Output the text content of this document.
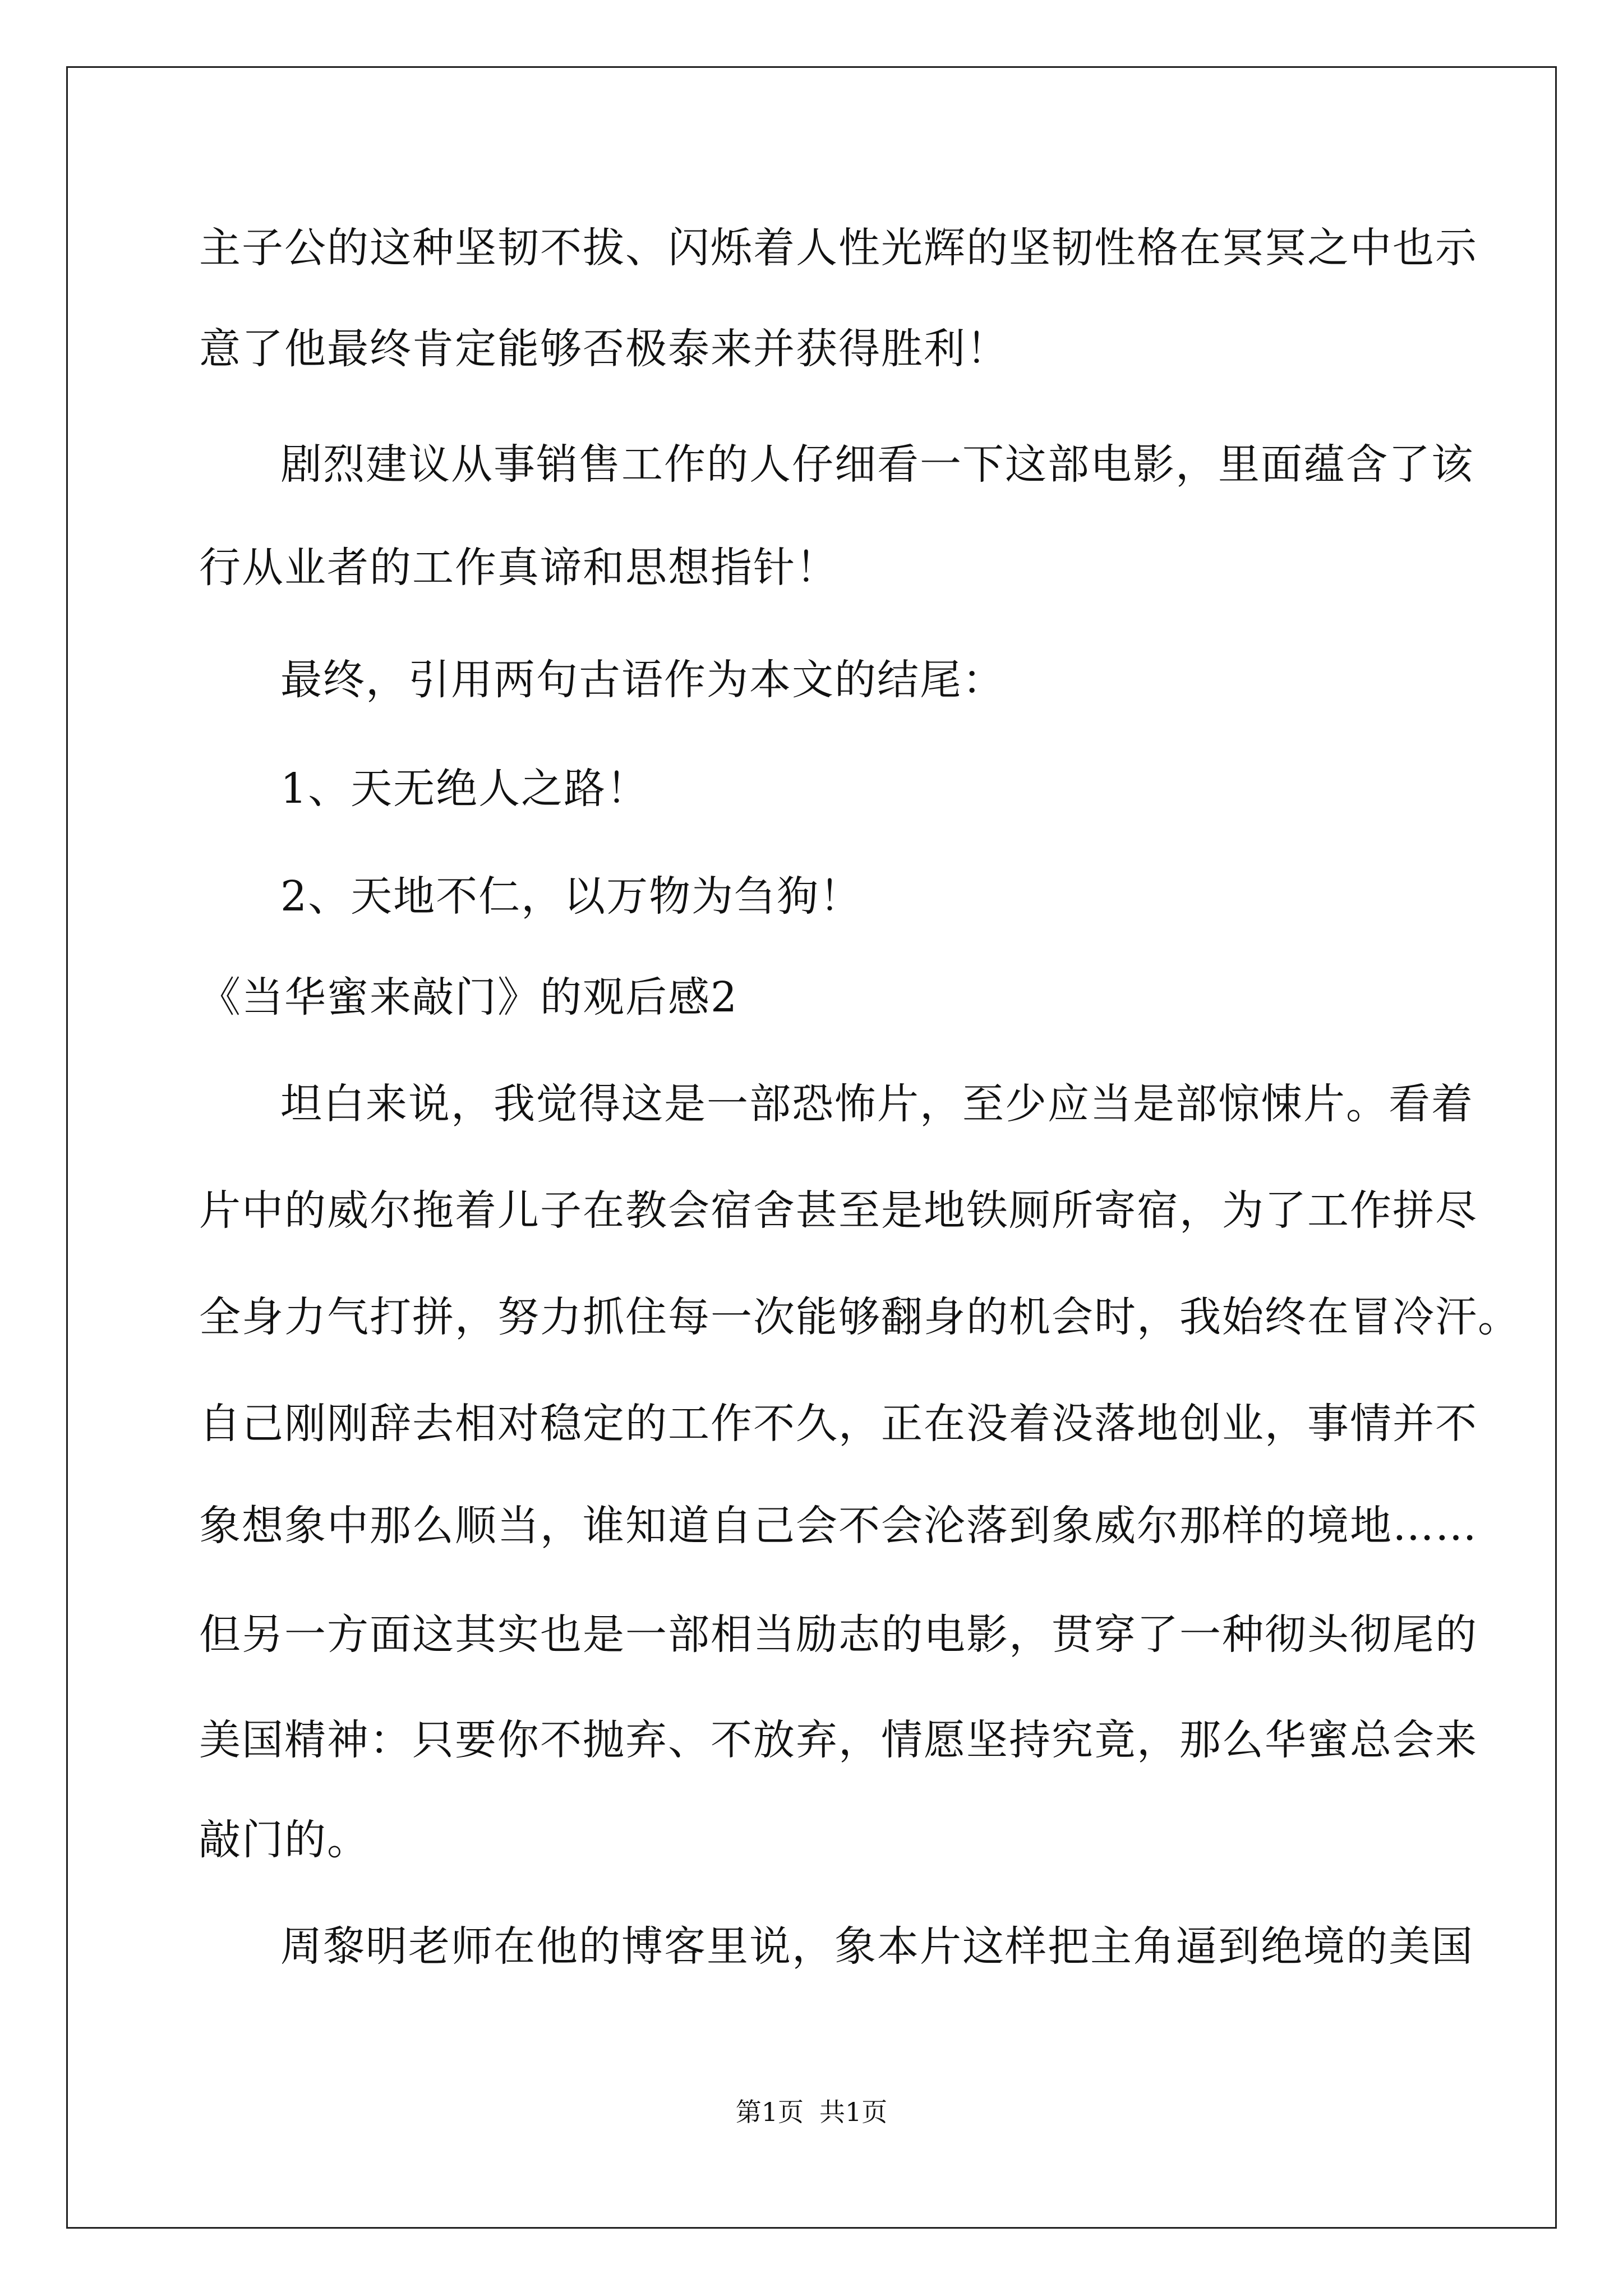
主子公的这种坚韧不拔、闪烁着人性光辉的坚韧性格在冥冥之中也示
意了他最终肯定能够否极泰来并获得胜利！
剧烈建议从事销售工作的人仔细看一下这部电影，里面蕴含了该
行从业者的工作真谛和思想指针！
最终，引用两句古语作为本文的结尾：
1、天无绝人之路！
2、天地不仁，以万物为刍狗！
《当华蜜来敲门》的观后感2
坦白来说，我觉得这是一部恐怖片，至少应当是部惊悚片。看着
片中的威尔拖着儿子在教会宿舍甚至是地铁厕所寄宿，为了工作拼尽
全身力气打拼，努力抓住每一次能够翻身的机会时，我始终在冒冷汗。
自己刚刚辞去相对稳定的工作不久，正在没着没落地创业，事情并不
象想象中那么顺当，谁知道自己会不会沦落到象威尔那样的境地……
但另一方面这其实也是一部相当励志的电影，贯穿了一种彻头彻尾的
美国精神：只要你不抛弃、不放弃，情愿坚持究竟，那么华蜜总会来
敲门的。
周黎明老师在他的博客里说，象本片这样把主角逼到绝境的美国
第1页 共1页
